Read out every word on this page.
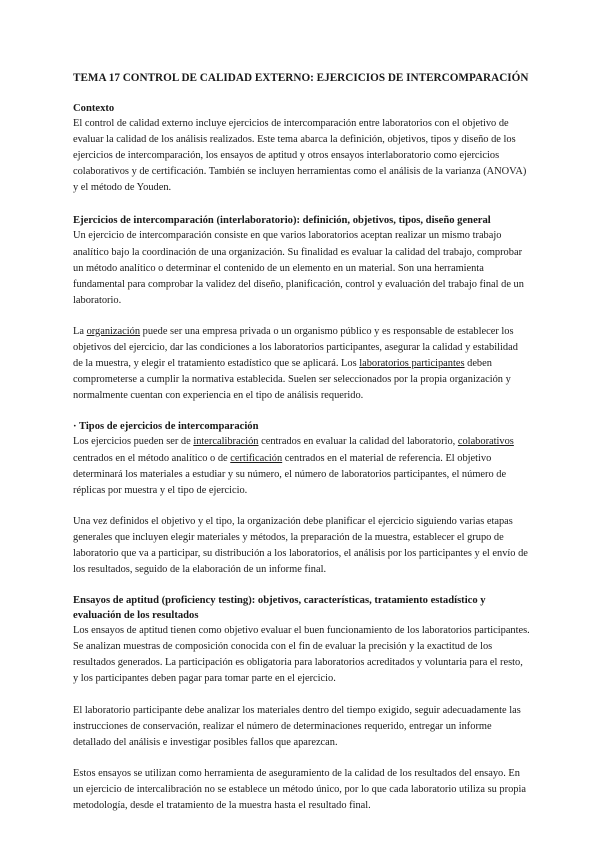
TEMA 17 CONTROL DE CALIDAD EXTERNO: EJERCICIOS DE INTERCOMPARACIÓN
Contexto

El control de calidad externo incluye ejercicios de intercomparación entre laboratorios con el objetivo de evaluar la calidad de los análisis realizados. Este tema abarca la definición, objetivos, tipos y diseño de los ejercicios de intercomparación, los ensayos de aptitud y otros ensayos interlaboratorio como ejercicios colaborativos y de certificación. También se incluyen herramientas como el análisis de la varianza (ANOVA) y el método de Youden.

Ejercicios de intercomparación (interlaboratorio): definición, objetivos, tipos, diseño general

Un ejercicio de intercomparación consiste en que varios laboratorios aceptan realizar un mismo trabajo analítico bajo la coordinación de una organización. Su finalidad es evaluar la calidad del trabajo, comprobar un método analítico o determinar el contenido de un elemento en un material. Son una herramienta fundamental para comprobar la validez del diseño, planificación, control y evaluación del trabajo final de un laboratorio.

La organización puede ser una empresa privada o un organismo público y es responsable de establecer los objetivos del ejercicio, dar las condiciones a los laboratorios participantes, asegurar la calidad y estabilidad de la muestra, y elegir el tratamiento estadístico que se aplicará. Los laboratorios participantes deben comprometerse a cumplir la normativa establecida. Suelen ser seleccionados por la propia organización y normalmente cuentan con experiencia en el tipo de análisis requerido.

· Tipos de ejercicios de intercomparación

Los ejercicios pueden ser de intercalibración centrados en evaluar la calidad del laboratorio, colaborativos centrados en el método analítico o de certificación centrados en el material de referencia. El objetivo determinará los materiales a estudiar y su número, el número de laboratorios participantes, el número de réplicas por muestra y el tipo de ejercicio.

Una vez definidos el objetivo y el tipo, la organización debe planificar el ejercicio siguiendo varias etapas generales que incluyen elegir materiales y métodos, la preparación de la muestra, establecer el grupo de laboratorio que va a participar, su distribución a los laboratorios, el análisis por los participantes y el envío de los resultados, seguido de la elaboración de un informe final.

Ensayos de aptitud (proficiency testing): objetivos, características, tratamiento estadístico y evaluación de los resultados

Los ensayos de aptitud tienen como objetivo evaluar el buen funcionamiento de los laboratorios participantes. Se analizan muestras de composición conocida con el fin de evaluar la precisión y la exactitud de los resultados generados. La participación es obligatoria para laboratorios acreditados y voluntaria para el resto, y los participantes deben pagar para tomar parte en el ejercicio.

El laboratorio participante debe analizar los materiales dentro del tiempo exigido, seguir adecuadamente las instrucciones de conservación, realizar el número de determinaciones requerido, entregar un informe detallado del análisis e investigar posibles fallos que aparezcan.

Estos ensayos se utilizan como herramienta de aseguramiento de la calidad de los resultados del ensayo. En un ejercicio de intercalibración no se establece un método único, por lo que cada laboratorio utiliza su propia metodología, desde el tratamiento de la muestra hasta el resultado final.
